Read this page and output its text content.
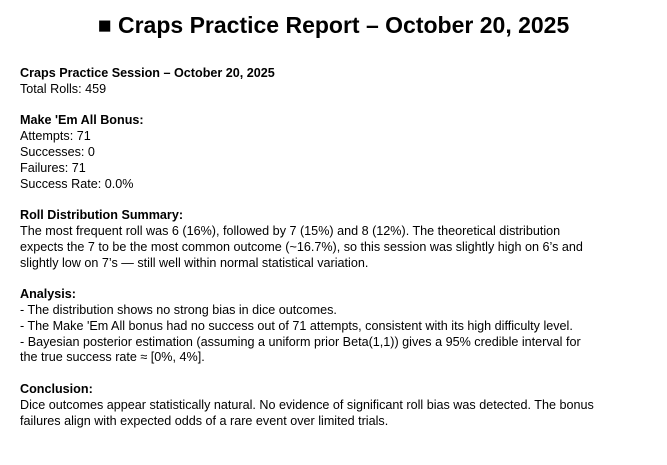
■ Craps Practice Report – October 20, 2025
Craps Practice Session – October 20, 2025
Total Rolls: 459
Make 'Em All Bonus:
Attempts: 71
Successes: 0
Failures: 71
Success Rate: 0.0%
Roll Distribution Summary:
The most frequent roll was 6 (16%), followed by 7 (15%) and 8 (12%). The theoretical distribution
expects the 7 to be the most common outcome (~16.7%), so this session was slightly high on 6’s and
slightly low on 7’s — still well within normal statistical variation.
Analysis:
- The distribution shows no strong bias in dice outcomes.
- The Make 'Em All bonus had no success out of 71 attempts, consistent with its high difficulty level.
- Bayesian posterior estimation (assuming a uniform prior Beta(1,1)) gives a 95% credible interval for
the true success rate ≈ [0%, 4%].
Conclusion:
Dice outcomes appear statistically natural. No evidence of significant roll bias was detected. The bonus
failures align with expected odds of a rare event over limited trials.
